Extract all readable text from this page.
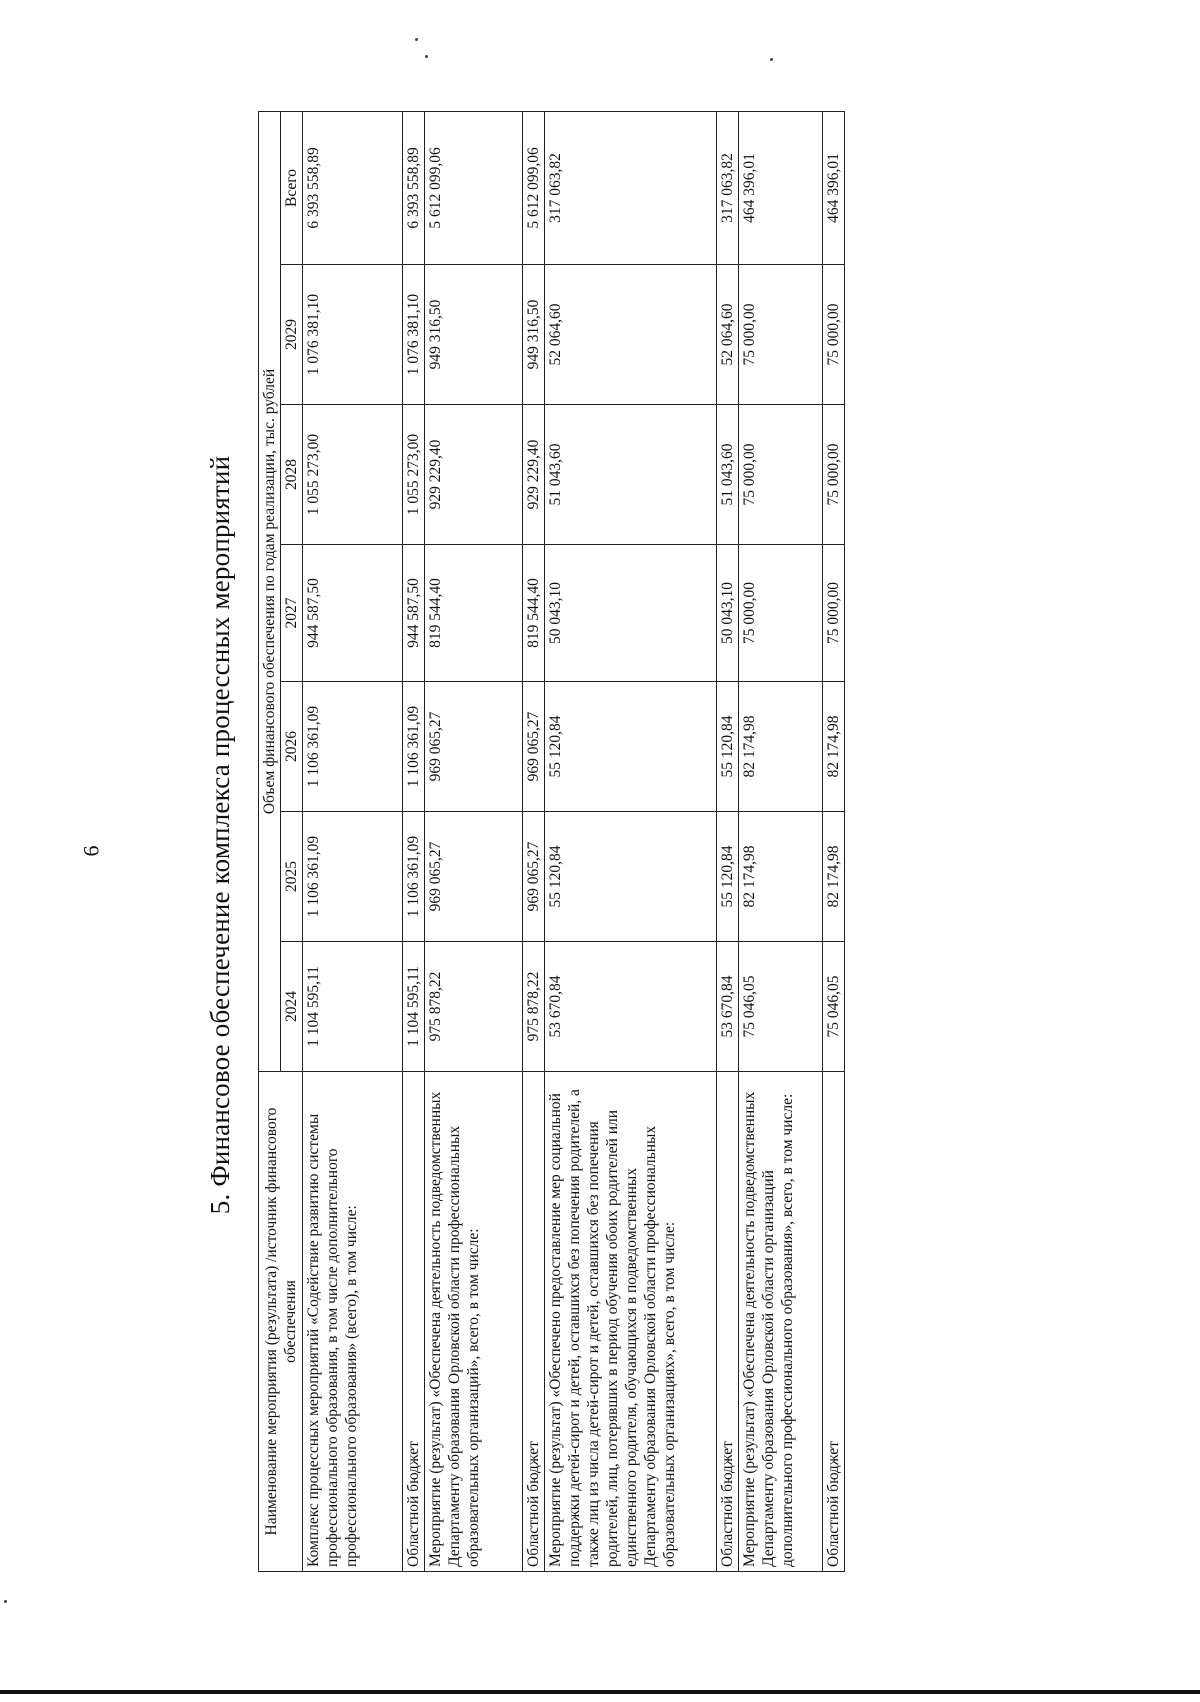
6	5. Финансовое обеспечение комплекса процессных мероприятий
Наименование мероприятия (результата) /источник финансового обеспечения	Объем финансового обеспечения по годам реализации, тыс. рублей						
	2024	2025	2026	2027	2028	2029	Всего
Комплекс процессных мероприятий «Содействие развитию системы профессионального образования, в том числе дополнительного профессионального образования» (всего), в том числе:	1 104 595,11	1 106 361,09	1 106 361,09	944 587,50	1 055 273,00	1 076 381,10	6 393 558,89
Областной бюджет	1 104 595,11	1 106 361,09	1 106 361,09	944 587,50	1 055 273,00	1 076 381,10	6 393 558,89
Мероприятие (результат) «Обеспечена деятельность подведомственных Департаменту образования Орловской области профессиональных образовательных организаций», всего, в том числе:	975 878,22	969 065,27	969 065,27	819 544,40	929 229,40	949 316,50	5 612 099,06
Областной бюджет	975 878,22	969 065,27	969 065,27	819 544,40	929 229,40	949 316,50	5 612 099,06
Мероприятие (результат) «Обеспечено предоставление мер социальной поддержки детей-сирот и детей, оставшихся без попечения родителей, а также лиц из числа детей-сирот и детей, оставшихся без попечения родителей, лиц, потерявших в период обучения обоих родителей или единственного родителя, обучающихся в подведомственных Департаменту образования Орловской области профессиональных образовательных организациях», всего, в том числе:	53 670,84	55 120,84	55 120,84	50 043,10	51 043,60	52 064,60	317 063,82
Областной бюджет	53 670,84	55 120,84	55 120,84	50 043,10	51 043,60	52 064,60	317 063,82
Мероприятие (результат) «Обеспечена деятельность подведомственных Департаменту образования Орловской области организаций дополнительного профессионального образования», всего, в том числе:	75 046,05	82 174,98	82 174,98	75 000,00	75 000,00	75 000,00	464 396,01
Областной бюджет	75 046,05	82 174,98	82 174,98	75 000,00	75 000,00	75 000,00	464 396,01
